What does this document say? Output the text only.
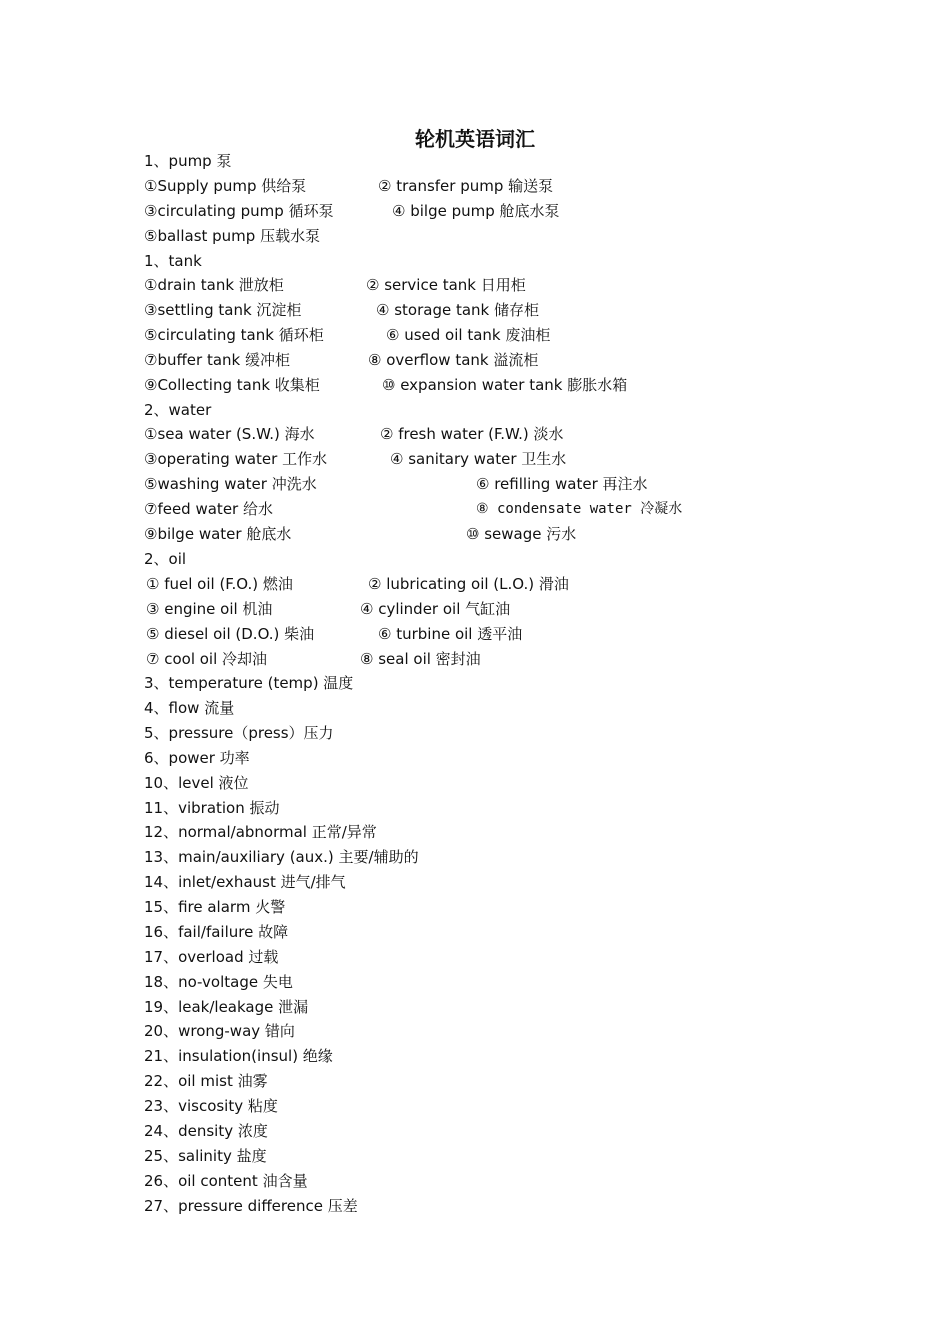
轮机英语词汇
1、pump 泵
①Supply pump 供给泵	② transfer pump 输送泵
③circulating pump 循环泵	④ bilge pump 舱底水泵
⑤ballast pump 压载水泵
1、tank
①drain tank 泄放柜	② service tank 日用柜
③settling tank 沉淀柜	④ storage tank 储存柜
⑤circulating tank 循环柜	⑥ used oil tank 废油柜
⑦buffer tank 缓冲柜	⑧ overflow tank 溢流柜
⑨Collecting tank 收集柜	⑩ expansion water tank 膨胀水箱
2、water
①sea water (S.W.) 海水	② fresh water (F.W.) 淡水
③operating water 工作水	④ sanitary water 卫生水
⑤washing water 冲洗水	⑥ refilling water 再注水
⑦feed water 给水	⑧ condensate water 冷凝水
⑨bilge water 舱底水	⑩ sewage 污水
2、oil
① fuel oil (F.O.) 燃油	② lubricating oil (L.O.) 滑油
③ engine oil 机油	④ cylinder oil 气缸油
⑤ diesel oil (D.O.) 柴油	⑥ turbine oil 透平油
⑦ cool oil 冷却油	⑧ seal oil 密封油
3、temperature (temp) 温度
4、flow 流量
5、pressure（press）压力
6、power 功率
10、level 液位
11、vibration 振动
12、normal/abnormal 正常/异常
13、main/auxiliary (aux.) 主要/辅助的
14、inlet/exhaust 进气/排气
15、fire alarm 火警
16、fail/failure 故障
17、overload 过载
18、no-voltage 失电
19、leak/leakage 泄漏
20、wrong-way 错向
21、insulation(insul) 绝缘
22、oil mist 油雾
23、viscosity 粘度
24、density 浓度
25、salinity 盐度
26、oil content 油含量
27、pressure difference 压差
